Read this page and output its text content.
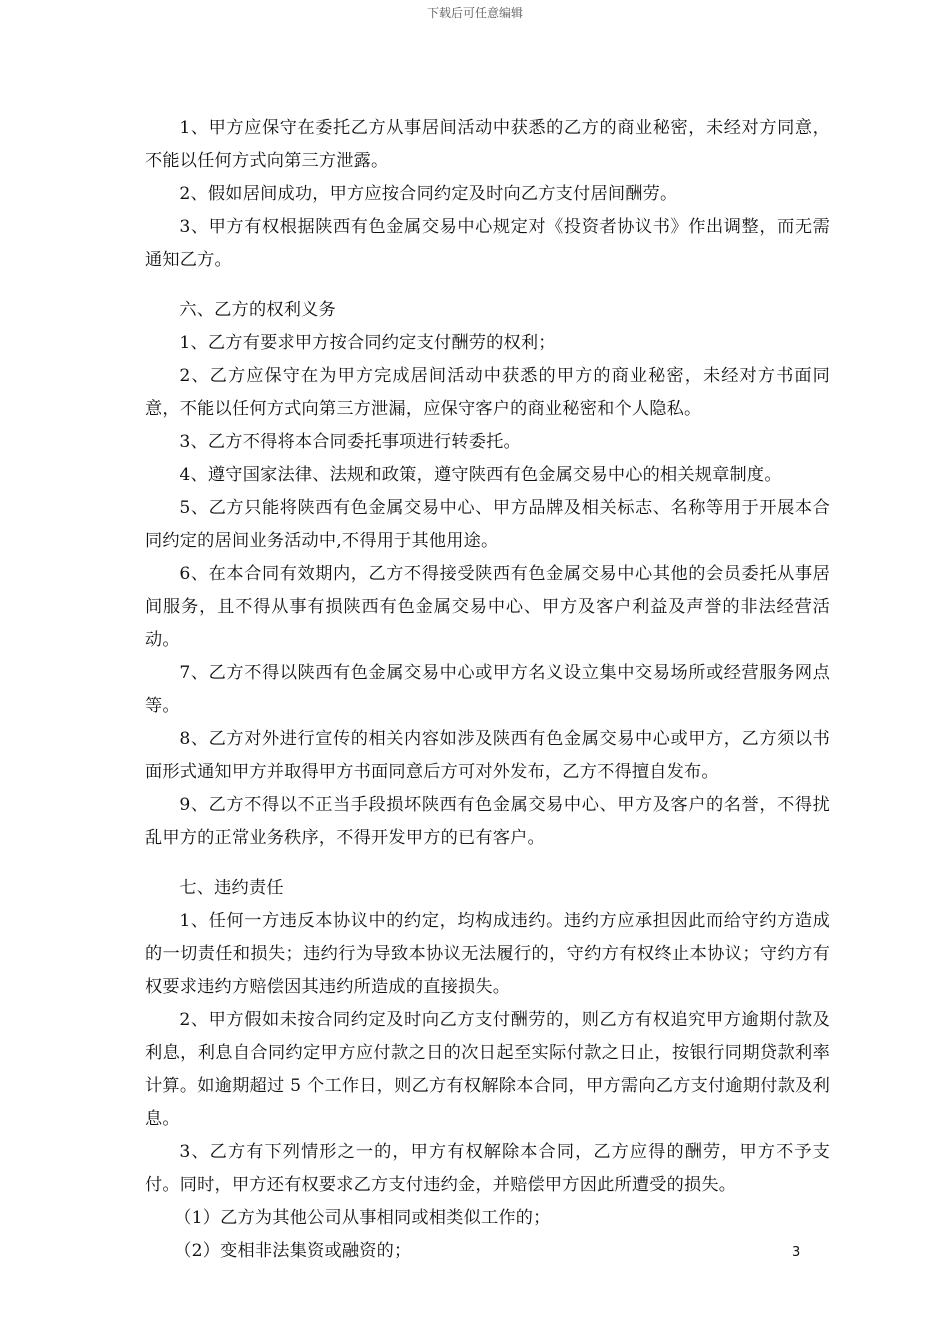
下载后可任意编辑

1、甲方应保守在委托乙方从事居间活动中获悉的乙方的商业秘密，未经对方同意，不能以任何方式向第三方泄露。

2、假如居间成功，甲方应按合同约定及时向乙方支付居间酬劳。

3、甲方有权根据陕西有色金属交易中心规定对《投资者协议书》作出调整，而无需通知乙方。

六、乙方的权利义务

1、乙方有要求甲方按合同约定支付酬劳的权利；

2、乙方应保守在为甲方完成居间活动中获悉的甲方的商业秘密，未经对方书面同意，不能以任何方式向第三方泄漏，应保守客户的商业秘密和个人隐私。

3、乙方不得将本合同委托事项进行转委托。

4、遵守国家法律、法规和政策，遵守陕西有色金属交易中心的相关规章制度。

5、乙方只能将陕西有色金属交易中心、甲方品牌及相关标志、名称等用于开展本合同约定的居间业务活动中,不得用于其他用途。

6、在本合同有效期内，乙方不得接受陕西有色金属交易中心其他的会员委托从事居间服务，且不得从事有损陕西有色金属交易中心、甲方及客户利益及声誉的非法经营活动。

7、乙方不得以陕西有色金属交易中心或甲方名义设立集中交易场所或经营服务网点等。

8、乙方对外进行宣传的相关内容如涉及陕西有色金属交易中心或甲方，乙方须以书面形式通知甲方并取得甲方书面同意后方可对外发布，乙方不得擅自发布。

9、乙方不得以不正当手段损坏陕西有色金属交易中心、甲方及客户的名誉，不得扰乱甲方的正常业务秩序，不得开发甲方的已有客户。

七、违约责任

1、任何一方违反本协议中的约定，均构成违约。违约方应承担因此而给守约方造成的一切责任和损失；违约行为导致本协议无法履行的，守约方有权终止本协议；守约方有权要求违约方赔偿因其违约所造成的直接损失。

2、甲方假如未按合同约定及时向乙方支付酬劳的，则乙方有权追究甲方逾期付款及利息，利息自合同约定甲方应付款之日的次日起至实际付款之日止，按银行同期贷款利率计算。如逾期超过 5 个工作日，则乙方有权解除本合同，甲方需向乙方支付逾期付款及利息。

3、乙方有下列情形之一的，甲方有权解除本合同，乙方应得的酬劳，甲方不予支付。同时，甲方还有权要求乙方支付违约金，并赔偿甲方因此所遭受的损失。

（1）乙方为其他公司从事相同或相类似工作的；

（2）变相非法集资或融资的；	3
